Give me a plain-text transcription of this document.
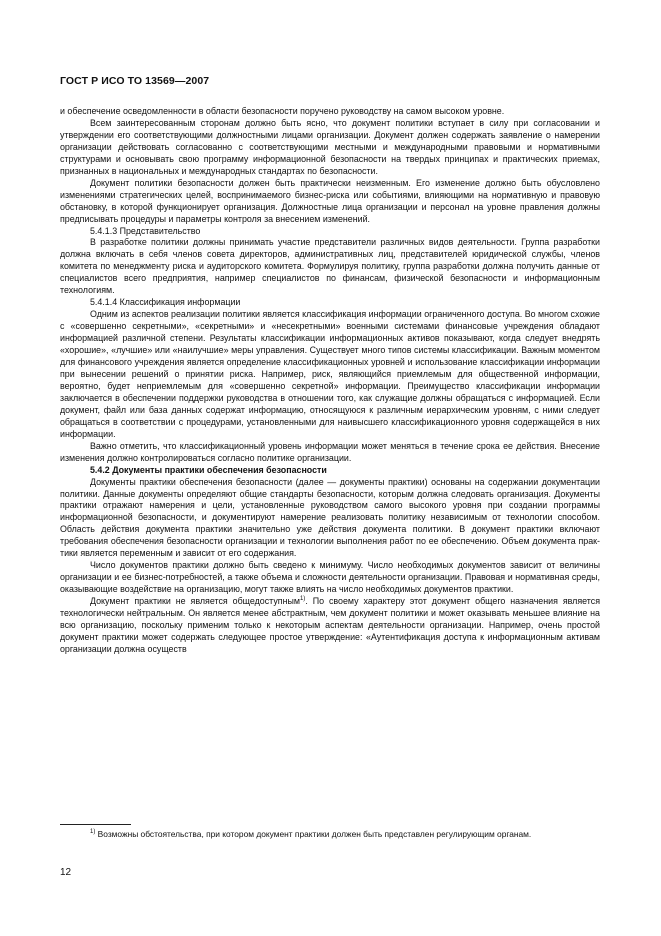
ГОСТ Р ИСО ТО 13569—2007

и обеспечение осведомленности в области безопасности поручено руководству на самом высоком уровне.

Всем заинтересованным сторонам должно быть ясно, что документ политики вступает в силу при согласовании и утверждении его соответствующими должностными лицами организации. Документ должен содержать заявление о намерении организации действовать согласованно с соответствующими местными и международными правовыми и нормативными структурами и основывать свою программу информационной безопасности на твердых принципах и практических приемах, признанных в национальных и международных стандартах по безопасности.

Документ политики безопасности должен быть практически неизменным. Его изменение должно быть обусловлено изменениями стратегических целей, воспринимаемого бизнес-риска или событиями, влияющими на нормативную и правовую обстановку, в которой функционирует организация. Должностные лица организации и персонал на уровне правления должны предписывать процедуры и параметры контроля за внесением изменений.

5.4.1.3 Представительство

В разработке политики должны принимать участие представители различных видов деятельности. Группа разработки должна включать в себя членов совета директоров, административных лиц, представителей юридической службы, членов комитета по менеджменту риска и аудиторского комитета. Формулируя политику, группа разработки должна получить данные от специалистов всего предприятия, например специалистов по финансам, физической безопасности и информационным технологиям.

5.4.1.4 Классификация информации

Одним из аспектов реализации политики является классификация информации ограниченного доступа. Во многом схожие с «совершенно секретными», «секретными» и «несекретными» военными системами финансовые учреждения обладают информацией различной степени. Результаты классификации информационных активов показывают, когда следует внедрять «хорошие», «лучшие» или «наилучшие» меры управления. Существует много типов системы классификации. Важным моментом для финансового учреждения является определение классификационных уровней и использование классификации информации при вынесении решений о принятии риска. Например, риск, являющийся приемлемым для общественной информации, вероятно, будет неприемлемым для «совершенно секретной» информации. Преимущество классификации информации заключается в обеспечении поддержки руководства в отношении того, как служащие должны обращаться с информацией. Если документ, файл или база данных содержат информацию, относящуюся к различным иерархическим уровням, с ними следует обращаться в соответствии с процедурами, установленными для наивысшего классификационного уровня содержащейся в них информации.

Важно отметить, что классификационный уровень информации может меняться в течение срока ее действия. Внесение изменения должно контролироваться согласно политике организации.

5.4.2 Документы практики обеспечения безопасности

Документы практики обеспечения безопасности (далее — документы практики) основаны на содержании документации политики. Данные документы определяют общие стандарты безопасности, которым должна следовать организация. Документы практики отражают намерения и цели, установленные руководством самого высокого уровня при создании программы информационной безопасности, и документируют намерение реализовать политику независимым от технологии способом. Область действия документа практики значительно уже действия документа политики. В документ практики включают требования обеспечения безопасности организации и технологии выполнения работ по ее обеспечению. Объем документа практики является переменным и зависит от его содержания.

Число документов практики должно быть сведено к минимуму. Число необходимых документов зависит от величины организации и ее бизнес-потребностей, а также объема и сложности деятельности организации. Правовая и нормативная среды, оказывающие воздействие на организацию, могут также влиять на число необходимых документов практики.

Документ практики не является общедоступным$^{1)}$. По своему характеру этот документ общего назначения является технологически нейтральным. Он является менее абстрактным, чем документ политики и может оказывать меньшее влияние на всю организацию, поскольку применим только к некоторым аспектам деятельности организации. Например, очень простой документ практики может содержать следующее простое утверждение: «Аутентификация доступа к информационным активам организации должна осуществ

$^{1)}$ Возможны обстоятельства, при котором документ практики должен быть представлен регулирующим органам.

12
